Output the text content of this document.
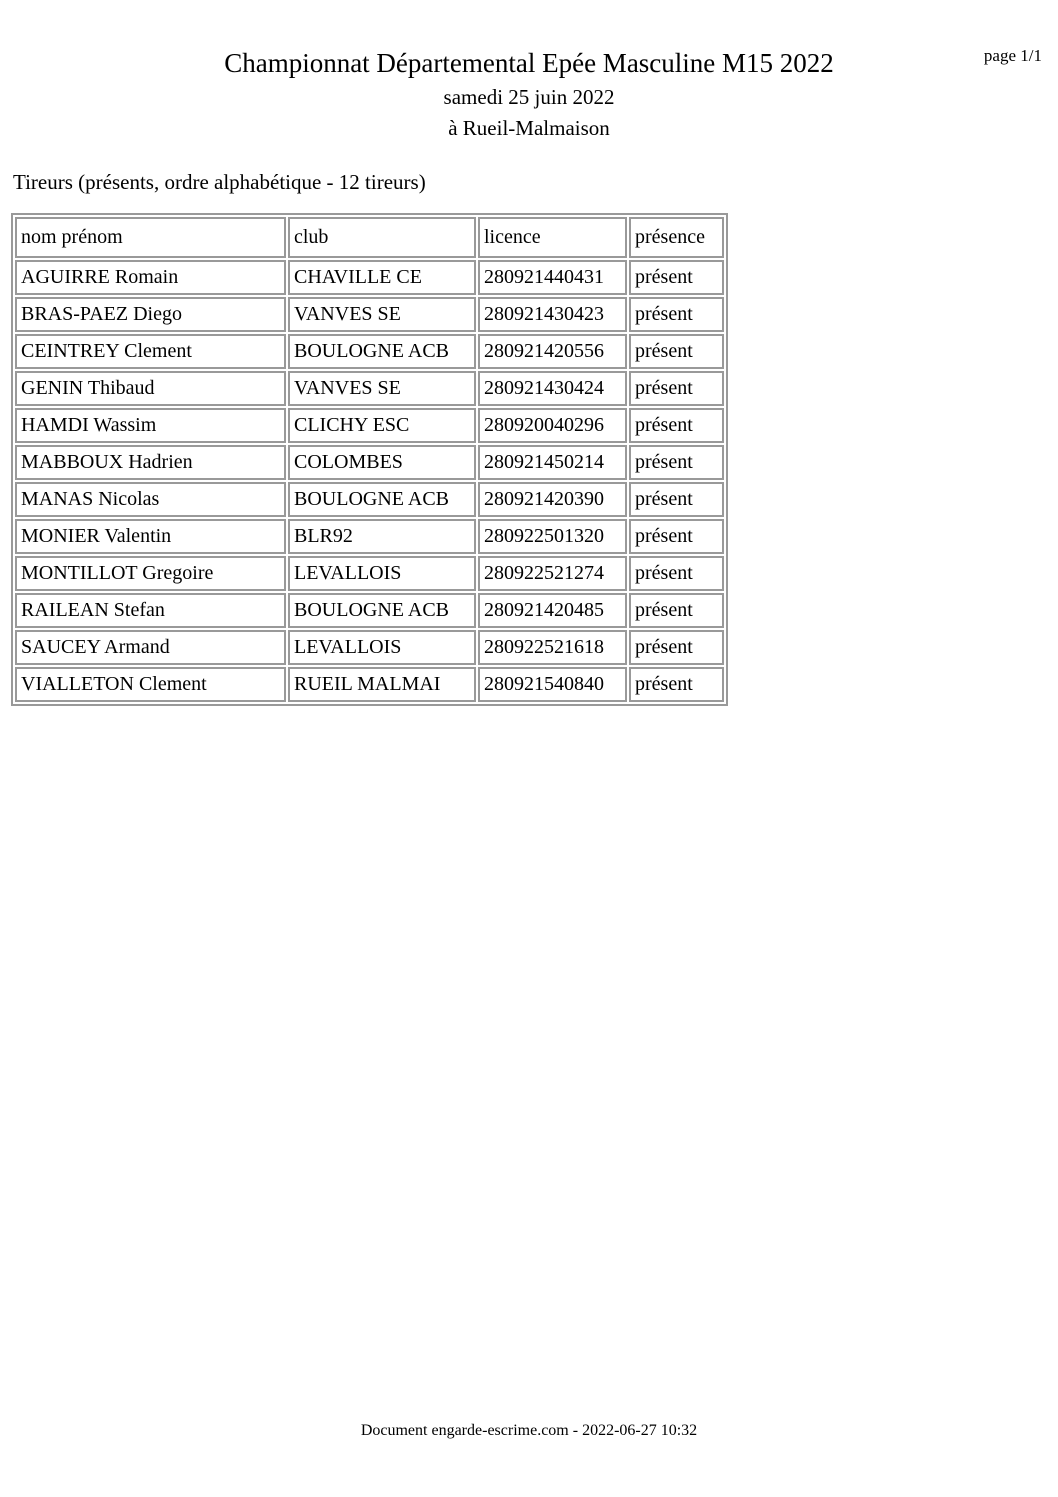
Championnat Départemental Epée Masculine M15 2022
samedi 25 juin 2022
à Rueil-Malmaison
page 1/1
Tireurs (présents, ordre alphabétique - 12 tireurs)
nom prénom	club	licence	présence
AGUIRRE Romain	CHAVILLE CE	280921440431	présent
BRAS-PAEZ Diego	VANVES SE	280921430423	présent
CEINTREY Clement	BOULOGNE ACB	280921420556	présent
GENIN Thibaud	VANVES SE	280921430424	présent
HAMDI Wassim	CLICHY ESC	280920040296	présent
MABBOUX Hadrien	COLOMBES	280921450214	présent
MANAS Nicolas	BOULOGNE ACB	280921420390	présent
MONIER Valentin	BLR92	280922501320	présent
MONTILLOT Gregoire	LEVALLOIS	280922521274	présent
RAILEAN Stefan	BOULOGNE ACB	280921420485	présent
SAUCEY Armand	LEVALLOIS	280922521618	présent
VIALLETON Clement	RUEIL MALMAI	280921540840	présent
Document engarde-escrime.com - 2022-06-27 10:32
